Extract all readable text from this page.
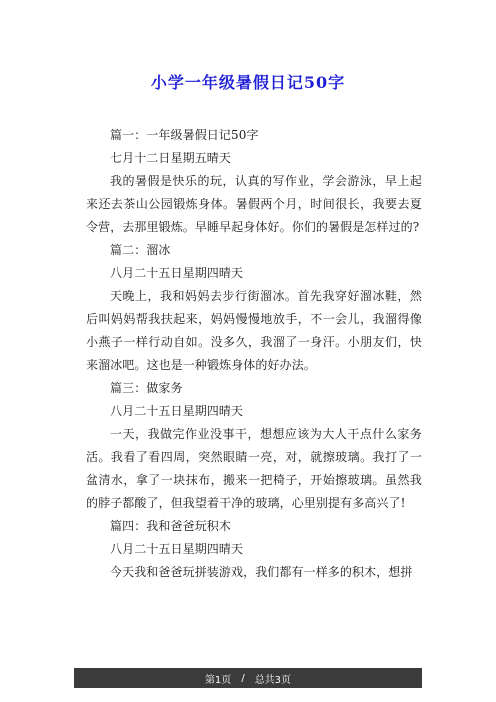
小学一年级暑假日记50字

篇一：一年级暑假日记50字

七月十二日星期五晴天

我的暑假是快乐的玩，认真的写作业，学会游泳，早上起来还去茶山公园锻炼身体。暑假两个月，时间很长，我要去夏令营，去那里锻炼。早睡早起身体好。你们的暑假是怎样过的?

篇二：溜冰

八月二十五日星期四晴天

天晚上，我和妈妈去步行街溜冰。首先我穿好溜冰鞋，然后叫妈妈帮我扶起来，妈妈慢慢地放手，不一会儿，我溜得像小燕子一样行动自如。没多久，我溜了一身汗。小朋友们，快来溜冰吧。这也是一种锻炼身体的好办法。

篇三：做家务

八月二十五日星期四晴天

一天，我做完作业没事干，想想应该为大人干点什么家务活。我看了看四周，突然眼睛一亮，对，就擦玻璃。我打了一盆清水，拿了一块抹布，搬来一把椅子，开始擦玻璃。虽然我的脖子都酸了，但我望着干净的玻璃，心里别提有多高兴了!

篇四：我和爸爸玩积木

八月二十五日星期四晴天

今天我和爸爸玩拼装游戏，我们都有一样多的积木，想拼

第1页 / 总共3页
